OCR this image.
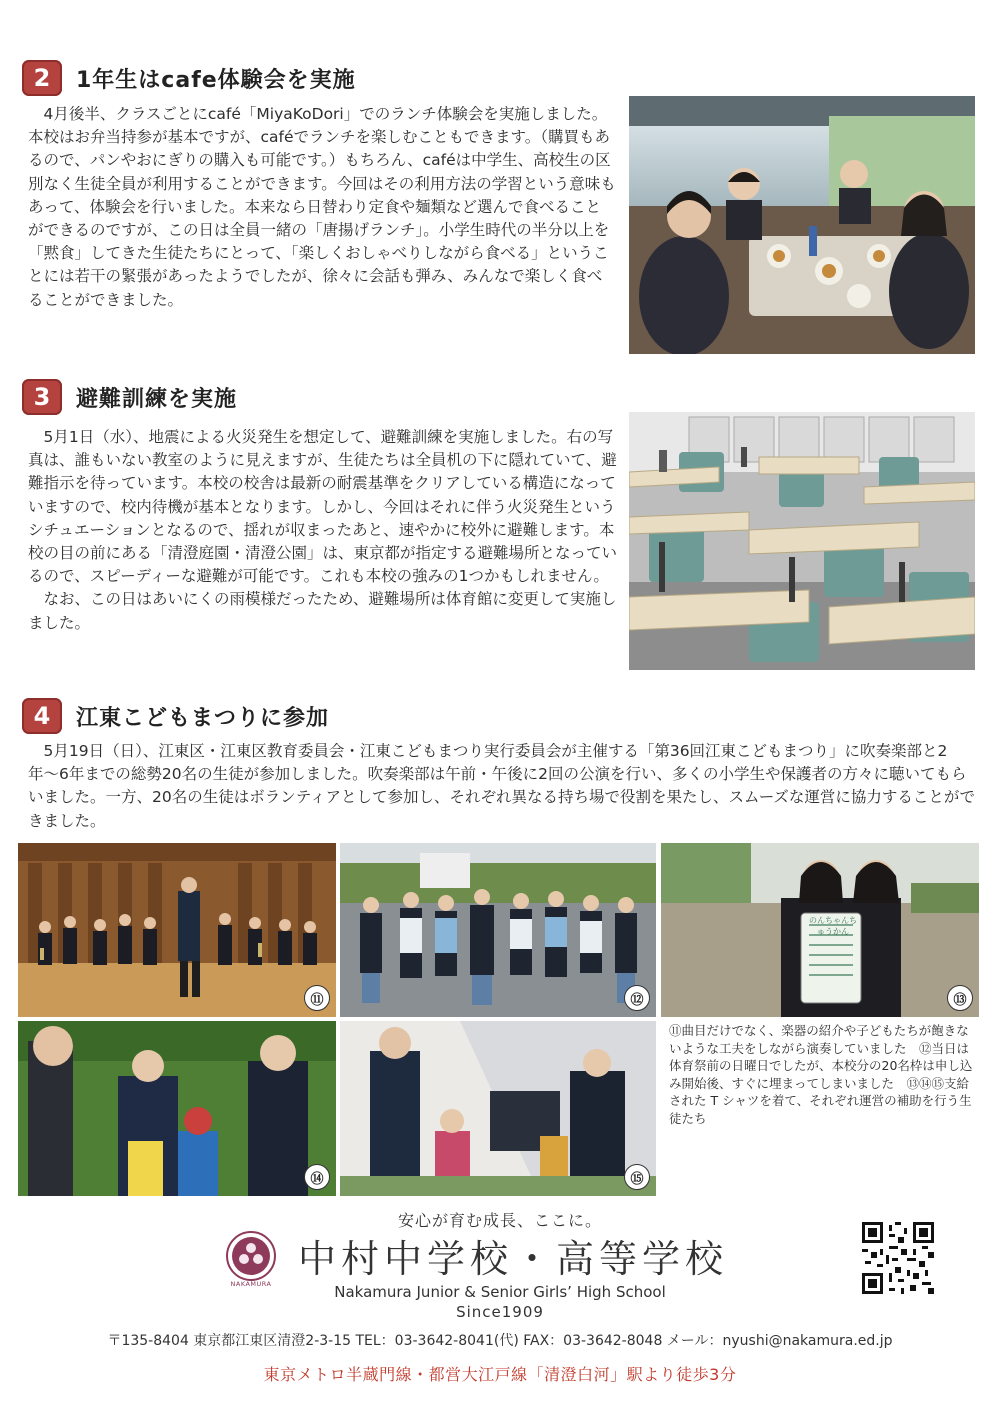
2	1年生はcafe体験会を実施

4月後半、クラスごとにcafé「MiyaKoDori」でのランチ体験会を実施しました。本校はお弁当持参が基本ですが、caféでランチを楽しむこともできます。（購買もあるので、パンやおにぎりの購入も可能です。）もちろん、caféは中学生、高校生の区別なく生徒全員が利用することができます。今回はその利用方法の学習という意味もあって、体験会を行いました。本来なら日替わり定食や麺類など選んで食べることができるのですが、この日は全員一緒の「唐揚げランチ」。小学生時代の半分以上を「黙食」してきた生徒たちにとって、「楽しくおしゃべりしながら食べる」ということには若干の緊張があったようでしたが、徐々に会話も弾み、みんなで楽しく食べることができました。

3	避難訓練を実施

5月1日（水）、地震による火災発生を想定して、避難訓練を実施しました。右の写真は、誰もいない教室のように見えますが、生徒たちは全員机の下に隠れていて、避難指示を待っています。本校の校舎は最新の耐震基準をクリアしている構造になっていますので、校内待機が基本となります。しかし、今回はそれに伴う火災発生というシチュエーションとなるので、揺れが収まったあと、速やかに校外に避難します。本校の目の前にある「清澄庭園・清澄公園」は、東京都が指定する避難場所となっているので、スピーディーな避難が可能です。これも本校の強みの1つかもしれません。

なお、この日はあいにくの雨模様だったため、避難場所は体育館に変更して実施しました。

4	江東こどもまつりに参加

5月19日（日）、江東区・江東区教育委員会・江東こどもまつり実行委員会が主催する「第36回江東こどもまつり」に吹奏楽部と2年〜6年までの総勢20名の生徒が参加しました。吹奏楽部は午前・午後に2回の公演を行い、多くの小学生や保護者の方々に聴いてもらいました。一方、20名の生徒はボランティアとして参加し、それぞれ異なる持ち場で役割を果たし、スムーズな運営に協力することができました。

⑪	⑫
のんちゃんちゅうかん
⑬
⑭	⑮
⑪曲目だけでなく、楽器の紹介や子どもたちが飽きないような工夫をしながら演奏していました　⑫当日は体育祭前の日曜日でしたが、本校分の20名枠は申し込み開始後、すぐに埋まってしまいました　⑬⑭⑮支給された T シャツを着て、それぞれ運営の補助を行う生徒たち
安心が育む成長、ここに。
NAKAMURA
中村中学校・高等学校
Nakamura Junior & Senior Girls’ High School
Since1909
〒135-8404 東京都江東区清澄2-3-15 TEL：03-3642-8041(代) FAX：03-3642-8048 メール：nyushi@nakamura.ed.jp
東京メトロ半蔵門線・都営大江戸線「清澄白河」駅より徒歩3分
